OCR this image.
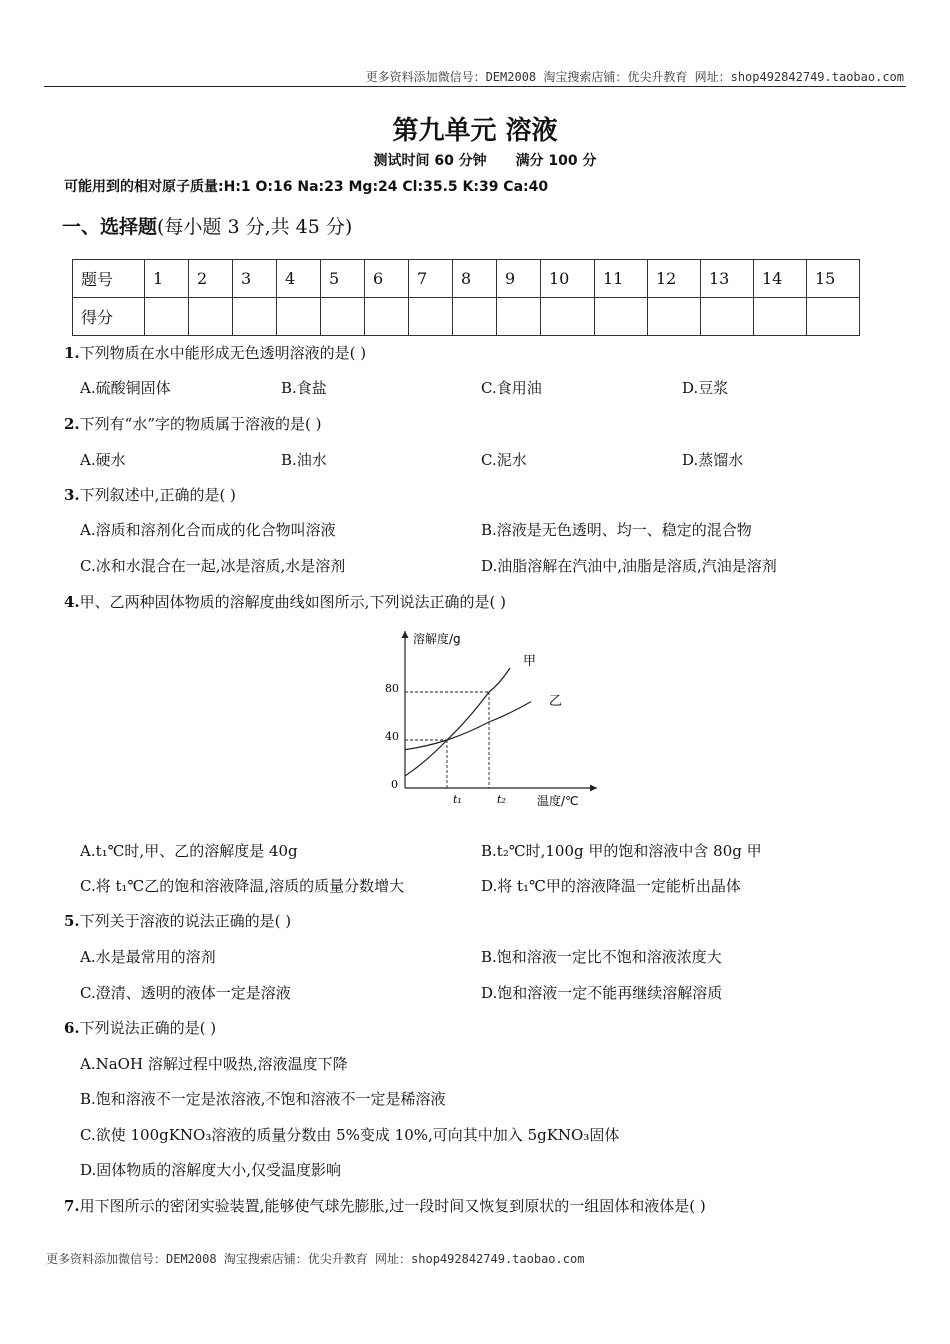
更多资料添加微信号：DEM2008 淘宝搜索店铺：优尖升教育 网址：shop492842749.taobao.com
第九单元 溶液
测试时间 60 分钟 满分 100 分
可能用到的相对原子质量:H:1 O:16 Na:23 Mg:24 Cl:35.5 K:39 Ca:40
一、选择题(每小题 3 分,共 45 分)
题号	1	2	3	4	5	6	7	8	9	10	11	12	13	14	15
得分															
1.下列物质在水中能形成无色透明溶液的是( )
A.硫酸铜固体	B.食盐	C.食用油	D.豆浆
2.下列有“水”字的物质属于溶液的是( )
A.硬水	B.油水	C.泥水	D.蒸馏水
3.下列叙述中,正确的是( )
A.溶质和溶剂化合而成的化合物叫溶液	B.溶液是无色透明、均一、稳定的混合物
C.冰和水混合在一起,冰是溶质,水是溶剂	D.油脂溶解在汽油中,油脂是溶质,汽油是溶剂
4.甲、乙两种固体物质的溶解度曲线如图所示,下列说法正确的是( )
溶解度/g
温度/℃
0
40
80
t₁	t₂
甲
乙
A.t₁℃时,甲、乙的溶解度是 40g	B.t₂℃时,100g 甲的饱和溶液中含 80g 甲
C.将 t₁℃乙的饱和溶液降温,溶质的质量分数增大	D.将 t₁℃甲的溶液降温一定能析出晶体
5.下列关于溶液的说法正确的是( )
A.水是最常用的溶剂	B.饱和溶液一定比不饱和溶液浓度大
C.澄清、透明的液体一定是溶液	D.饱和溶液一定不能再继续溶解溶质
6.下列说法正确的是( )
A.NaOH 溶解过程中吸热,溶液温度下降
B.饱和溶液不一定是浓溶液,不饱和溶液不一定是稀溶液
C.欲使 100gKNO₃溶液的质量分数由 5%变成 10%,可向其中加入 5gKNO₃固体
D.固体物质的溶解度大小,仅受温度影响
7.用下图所示的密闭实验装置,能够使气球先膨胀,过一段时间又恢复到原状的一组固体和液体是( )
更多资料添加微信号：DEM2008 淘宝搜索店铺：优尖升教育 网址：shop492842749.taobao.com
